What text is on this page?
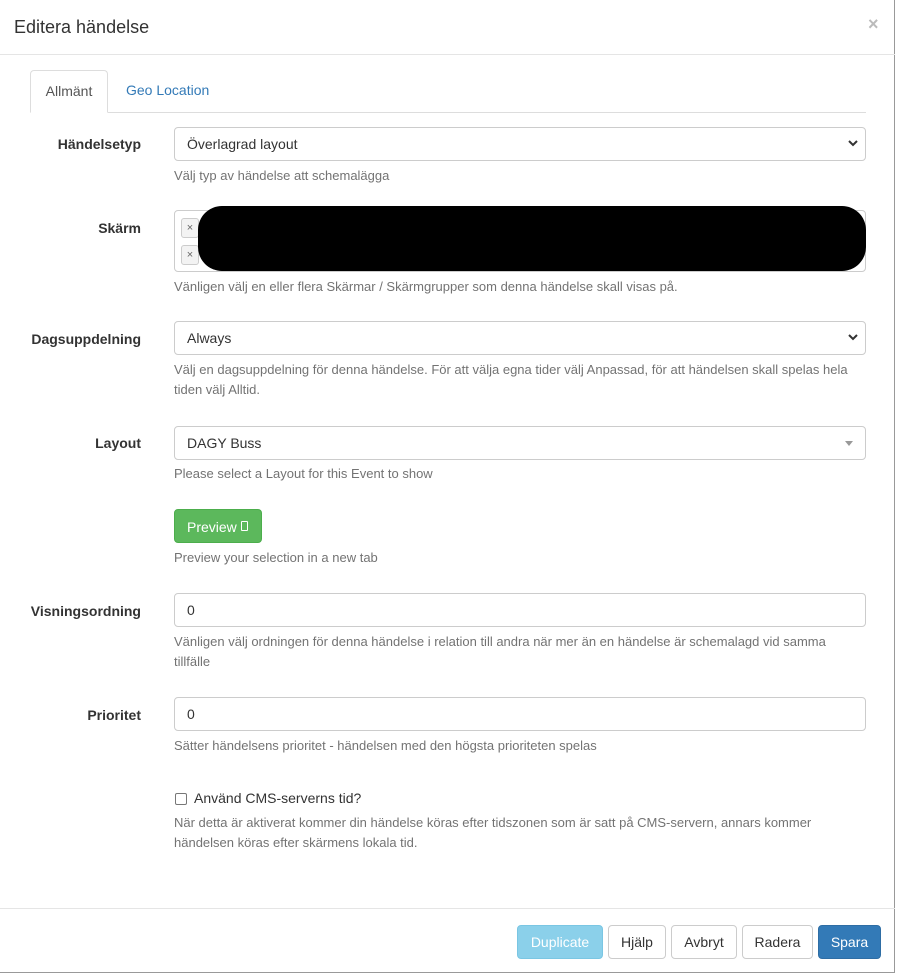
Editera händelse	×
Allmänt	Geo Location
Händelsetyp	Överlagrad layout
Välj typ av händelse att schemalägga
Skärm	×
×
Vänligen välj en eller flera Skärmar / Skärmgrupper som denna händelse skall visas på.
Dagsuppdelning	Always
Välj en dagsuppdelning för denna händelse. För att välja egna tider välj Anpassad, för att händelsen skall spelas hela tiden välj Alltid.
Layout	DAGY Buss
Please select a Layout for this Event to show
Preview
Preview your selection in a new tab
Visningsordning	0
Vänligen välj ordningen för denna händelse i relation till andra när mer än en händelse är schemalagd vid samma tillfälle
Prioritet	0
Sätter händelsens prioritet - händelsen med den högsta prioriteten spelas
Använd CMS-serverns tid?
När detta är aktiverat kommer din händelse köras efter tidszonen som är satt på CMS-servern, annars kommer händelsen köras efter skärmens lokala tid.
Duplicate	Hjälp	Avbryt	Radera	Spara
